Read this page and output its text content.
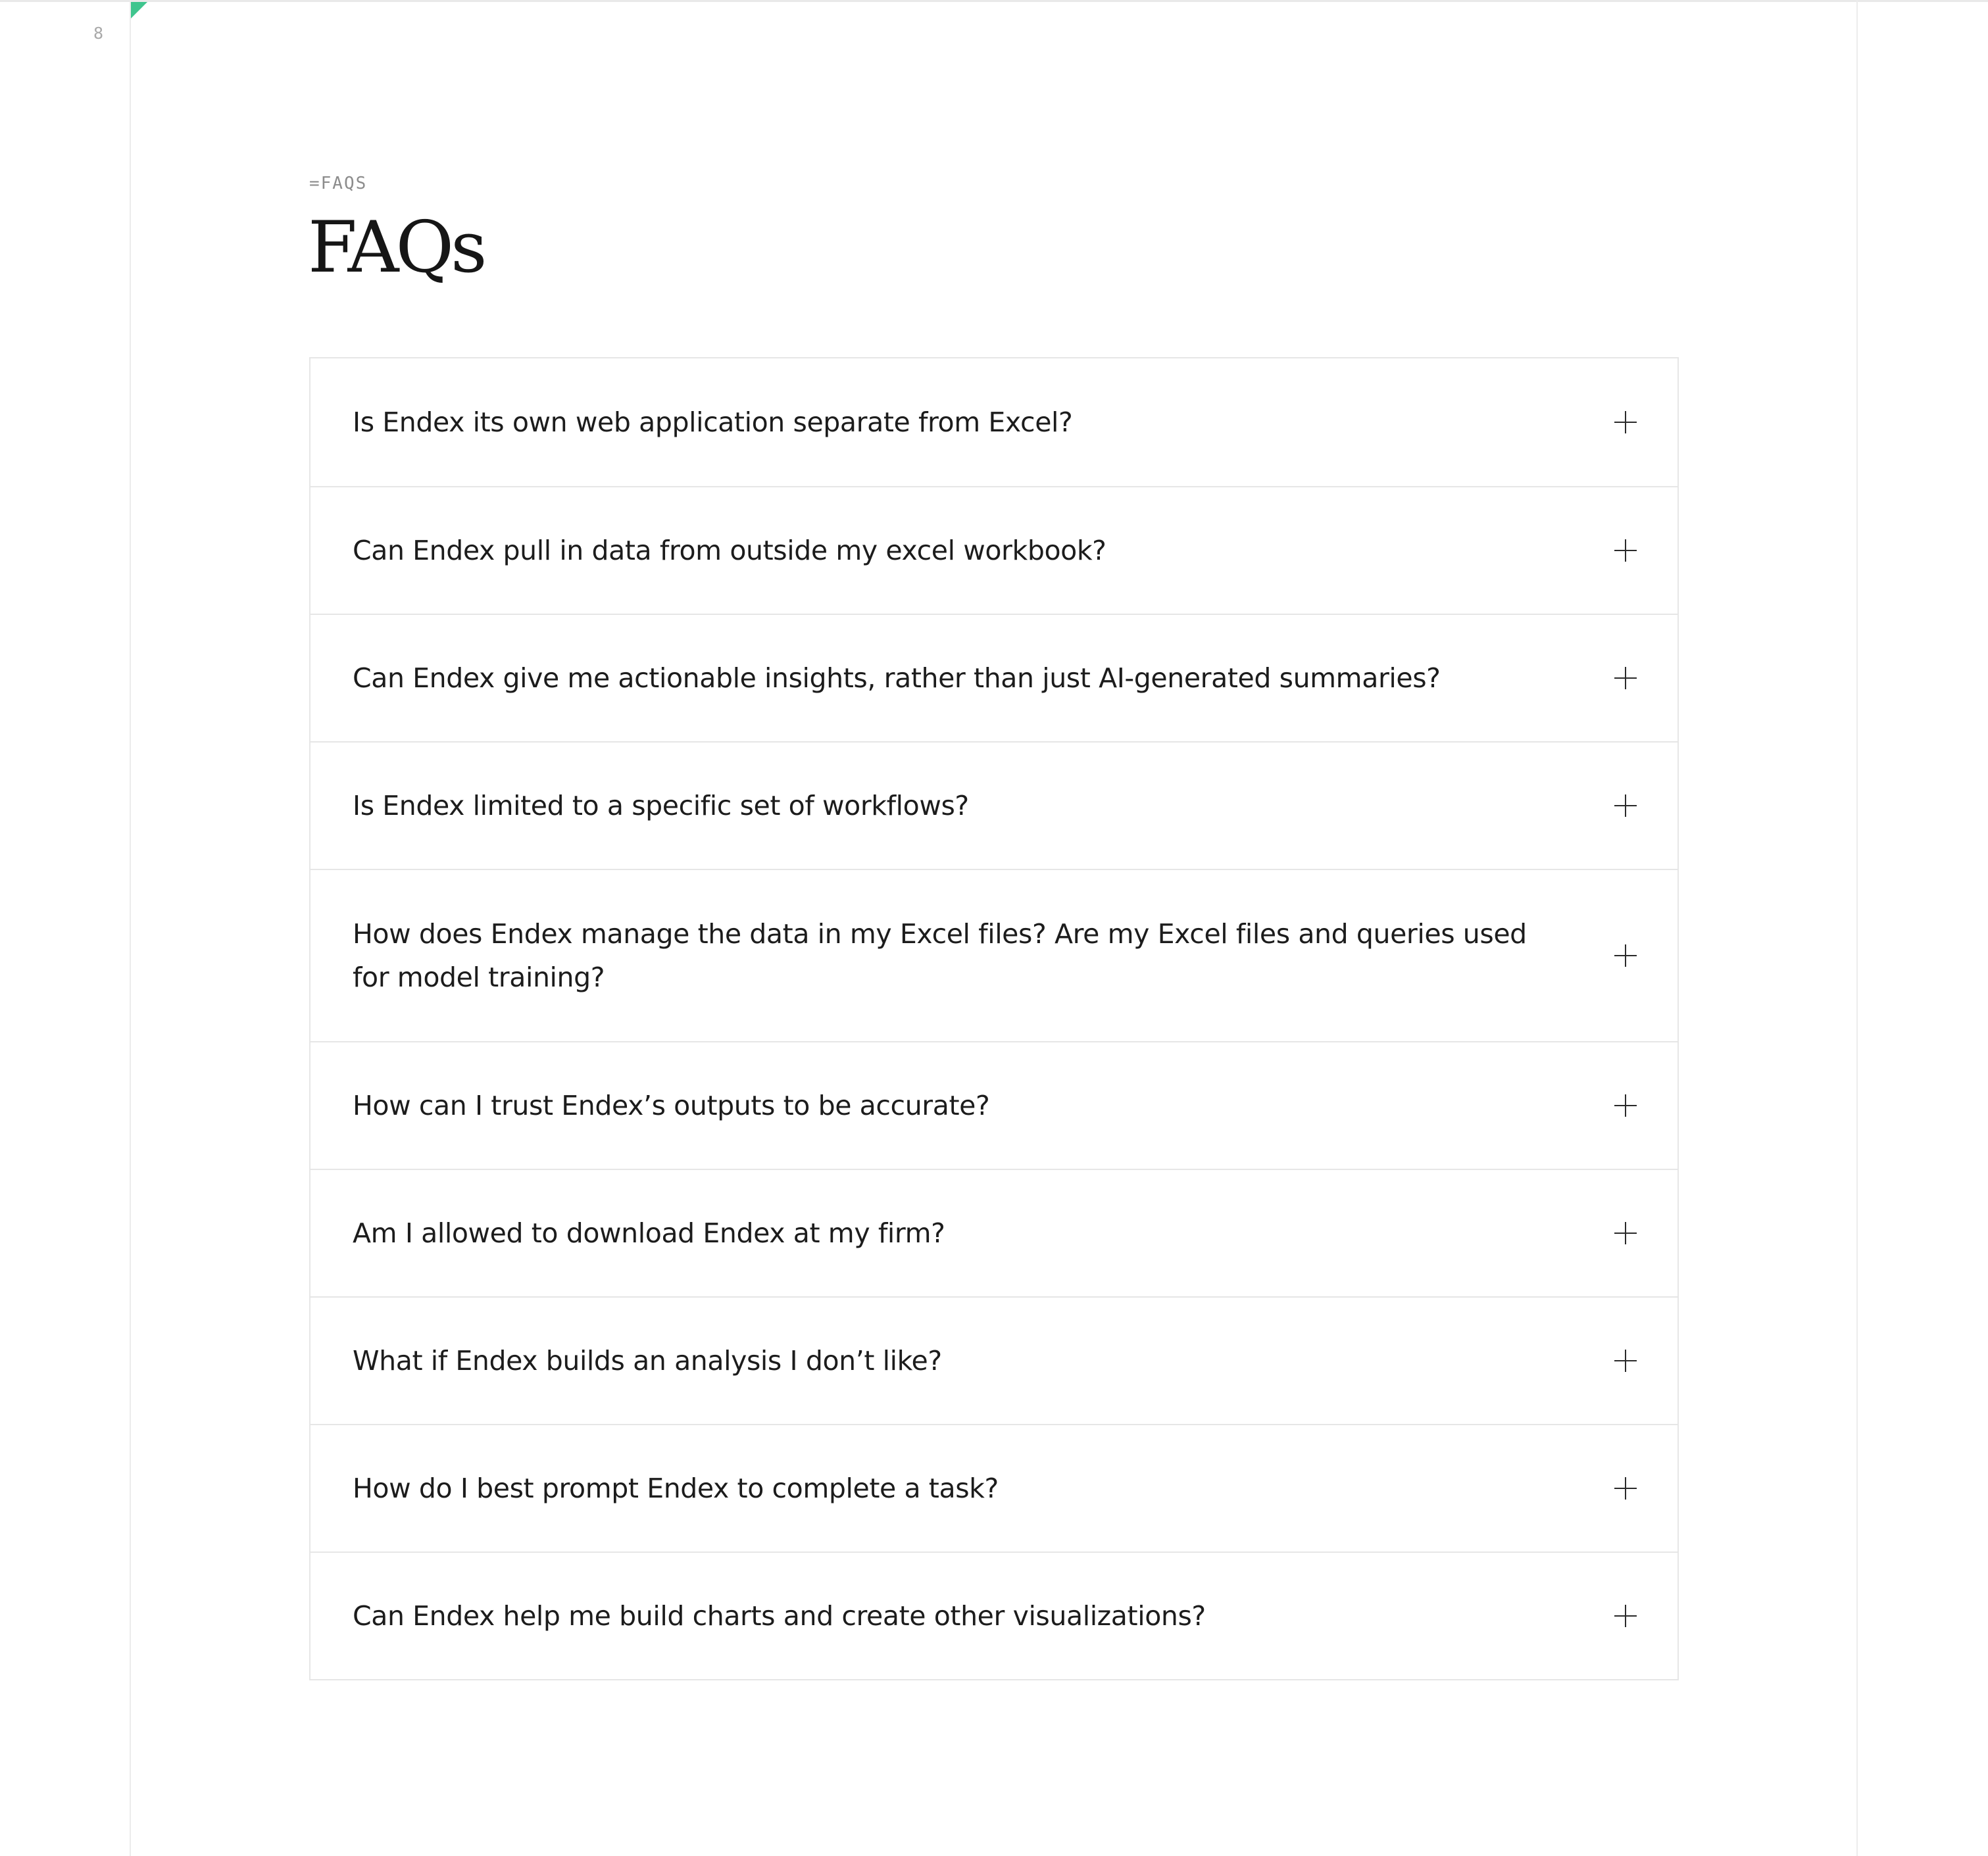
8
=FAQS
FAQs
Is Endex its own web application separate from Excel?
Can Endex pull in data from outside my excel workbook?
Can Endex give me actionable insights, rather than just AI-generated summaries?
Is Endex limited to a specific set of workflows?
How does Endex manage the data in my Excel files? Are my Excel files and queries used for model training?
How can I trust Endex’s outputs to be accurate?
Am I allowed to download Endex at my firm?
What if Endex builds an analysis I don’t like?
How do I best prompt Endex to complete a task?
Can Endex help me build charts and create other visualizations?
